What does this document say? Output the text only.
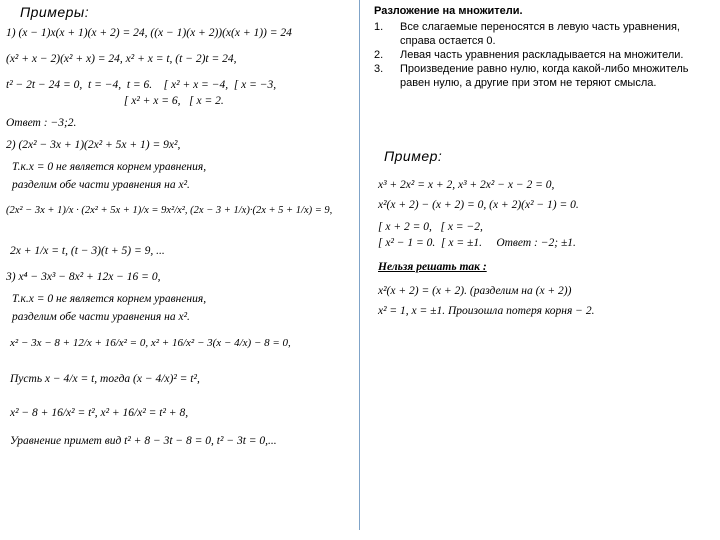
Примеры:
1) (x − 1)x(x + 1)(x + 2) = 24, ((x − 1)(x + 2))(x(x + 1)) = 24
(x² + x − 2)(x² + x) = 24, x² + x = t, (t − 2)t = 24,
t² − 2t − 24 = 0,  t = −4,  t = 6.    [ x² + x = −4,  [ x = −3,
[ x² + x = 6,   [ x = 2.
Ответ : −3;2.
2) (2x² − 3x + 1)(2x² + 5x + 1) = 9x²,
Т.к.x = 0 не является корнем уравнения,
разделим обе части уравнения на x².
(2x² − 3x + 1)/x · (2x² + 5x + 1)/x = 9x²/x², (2x − 3 + 1/x)·(2x + 5 + 1/x) = 9,
2x + 1/x = t, (t − 3)(t + 5) = 9, ...
3) x⁴ − 3x³ − 8x² + 12x − 16 = 0,
Т.к.x = 0 не является корнем уравнения,
разделим обе части уравнения на x².
x² − 3x − 8 + 12/x + 16/x² = 0, x² + 16/x² − 3(x − 4/x) − 8 = 0,
Пусть x − 4/x = t, тогда (x − 4/x)² = t²,
x² − 8 + 16/x² = t², x² + 16/x² = t² + 8,
Уравнение примет вид t² + 8 − 3t − 8 = 0, t² − 3t = 0,...
Разложение на множители.
1.	Все слагаемые переносятся в левую часть уравнения, справа остается 0.
2.	Левая часть уравнения раскладывается на множители.
3.	Произведение равно нулю, когда какой-либо множитель равен нулю, а другие при этом не теряют смысла.
Пример:
x³ + 2x² = x + 2, x³ + 2x² − x − 2 = 0,
x²(x + 2) − (x + 2) = 0, (x + 2)(x² − 1) = 0.
[ x + 2 = 0,   [ x = −2,
[ x² − 1 = 0.  [ x = ±1.     Ответ : −2; ±1.
Нельзя решать так :
x²(x + 2) = (x + 2). (разделим на (x + 2))
x² = 1, x = ±1. Произошла потеря корня − 2.
